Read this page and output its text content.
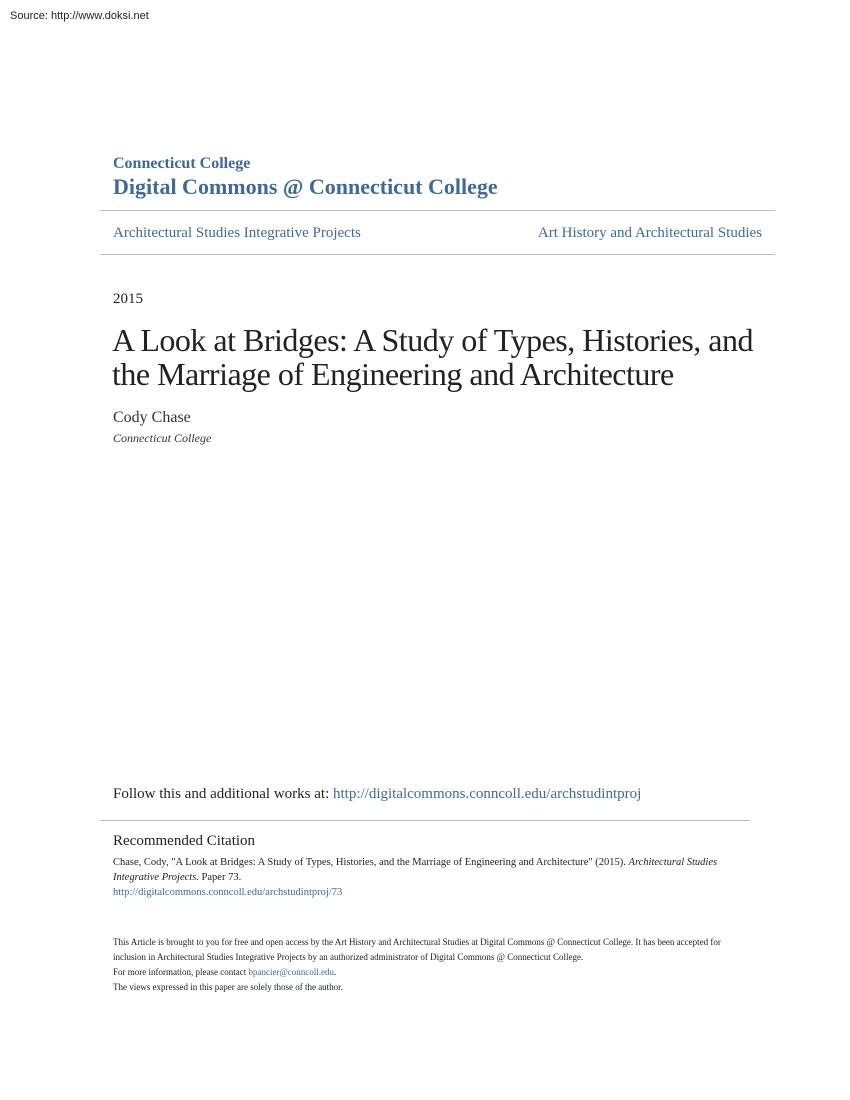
Source: http://www.doksi.net
Connecticut College
Digital Commons @ Connecticut College
Architectural Studies Integrative Projects	Art History and Architectural Studies
2015
A Look at Bridges: A Study of Types, Histories, and the Marriage of Engineering and Architecture
Cody Chase
Connecticut College
Follow this and additional works at: http://digitalcommons.conncoll.edu/archstudintproj
Recommended Citation
Chase, Cody, "A Look at Bridges: A Study of Types, Histories, and the Marriage of Engineering and Architecture" (2015). Architectural Studies Integrative Projects. Paper 73.
http://digitalcommons.conncoll.edu/archstudintproj/73
This Article is brought to you for free and open access by the Art History and Architectural Studies at Digital Commons @ Connecticut College. It has been accepted for inclusion in Architectural Studies Integrative Projects by an authorized administrator of Digital Commons @ Connecticut College.
For more information, please contact bpancier@conncoll.edu.
The views expressed in this paper are solely those of the author.
